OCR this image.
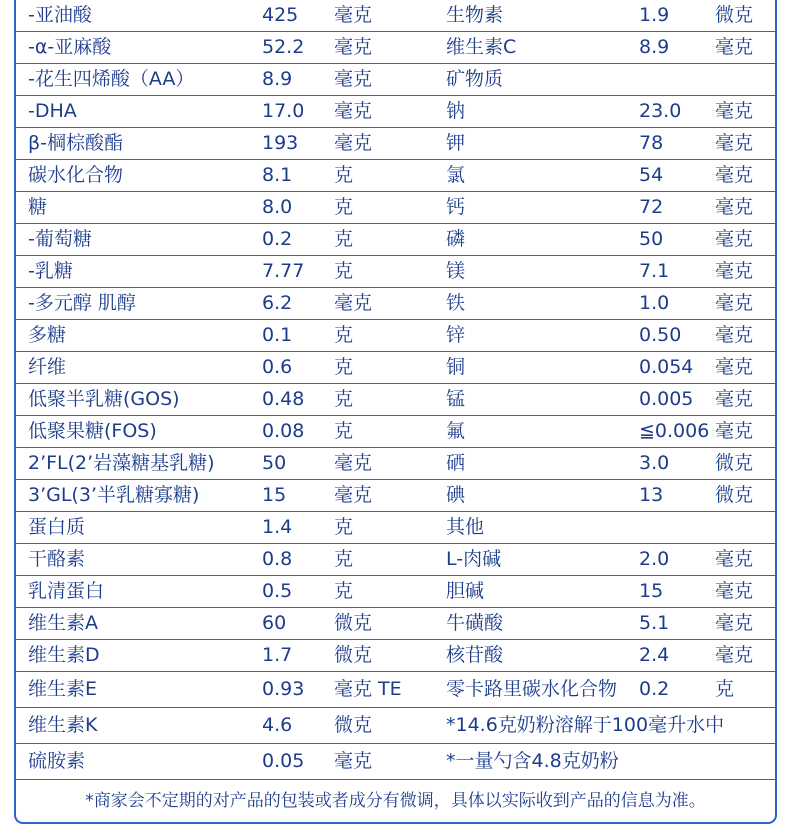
-亚油酸	425	毫克	生物素	1.9	微克
-α-亚麻酸	52.2	毫克	维生素C	8.9	毫克
-花生四烯酸（AA）	8.9	毫克	矿物质
-DHA	17.0	毫克	钠	23.0	毫克
β-棡棕酸酯	193	毫克	钾	78	毫克
碳水化合物	8.1	克	氯	54	毫克
糖	8.0	克	钙	72	毫克
-葡萄糖	0.2	克	磷	50	毫克
-乳糖	7.77	克	镁	7.1	毫克
-多元醇 肌醇	6.2	毫克	铁	1.0	毫克
多糖	0.1	克	锌	0.50	毫克
纤维	0.6	克	铜	0.054	毫克
低聚半乳糖(GOS)	0.48	克	锰	0.005	毫克
低聚果糖(FOS)	0.08	克	氟	≦0.006 毫克
2’FL(2’岩藻糖基乳糖)	50	毫克	硒	3.0	微克
3’GL(3’半乳糖寡糖)	15	毫克	碘	13	微克
蛋白质	1.4	克	其他
干酪素	0.8	克	L-肉碱	2.0	毫克
乳清蛋白	0.5	克	胆碱	15	毫克
维生素A	60	微克	牛磺酸	5.1	毫克
维生素D	1.7	微克	核苷酸	2.4	毫克
维生素E	0.93	毫克 TE	零卡路里碳水化合物	0.2	克
维生素K	4.6	微克	*14.6克奶粉溶解于100毫升水中
硫胺素	0.05	毫克	*一量勺含4.8克奶粉
*商家会不定期的对产品的包装或者成分有微调，具体以实际收到产品的信息为准。
